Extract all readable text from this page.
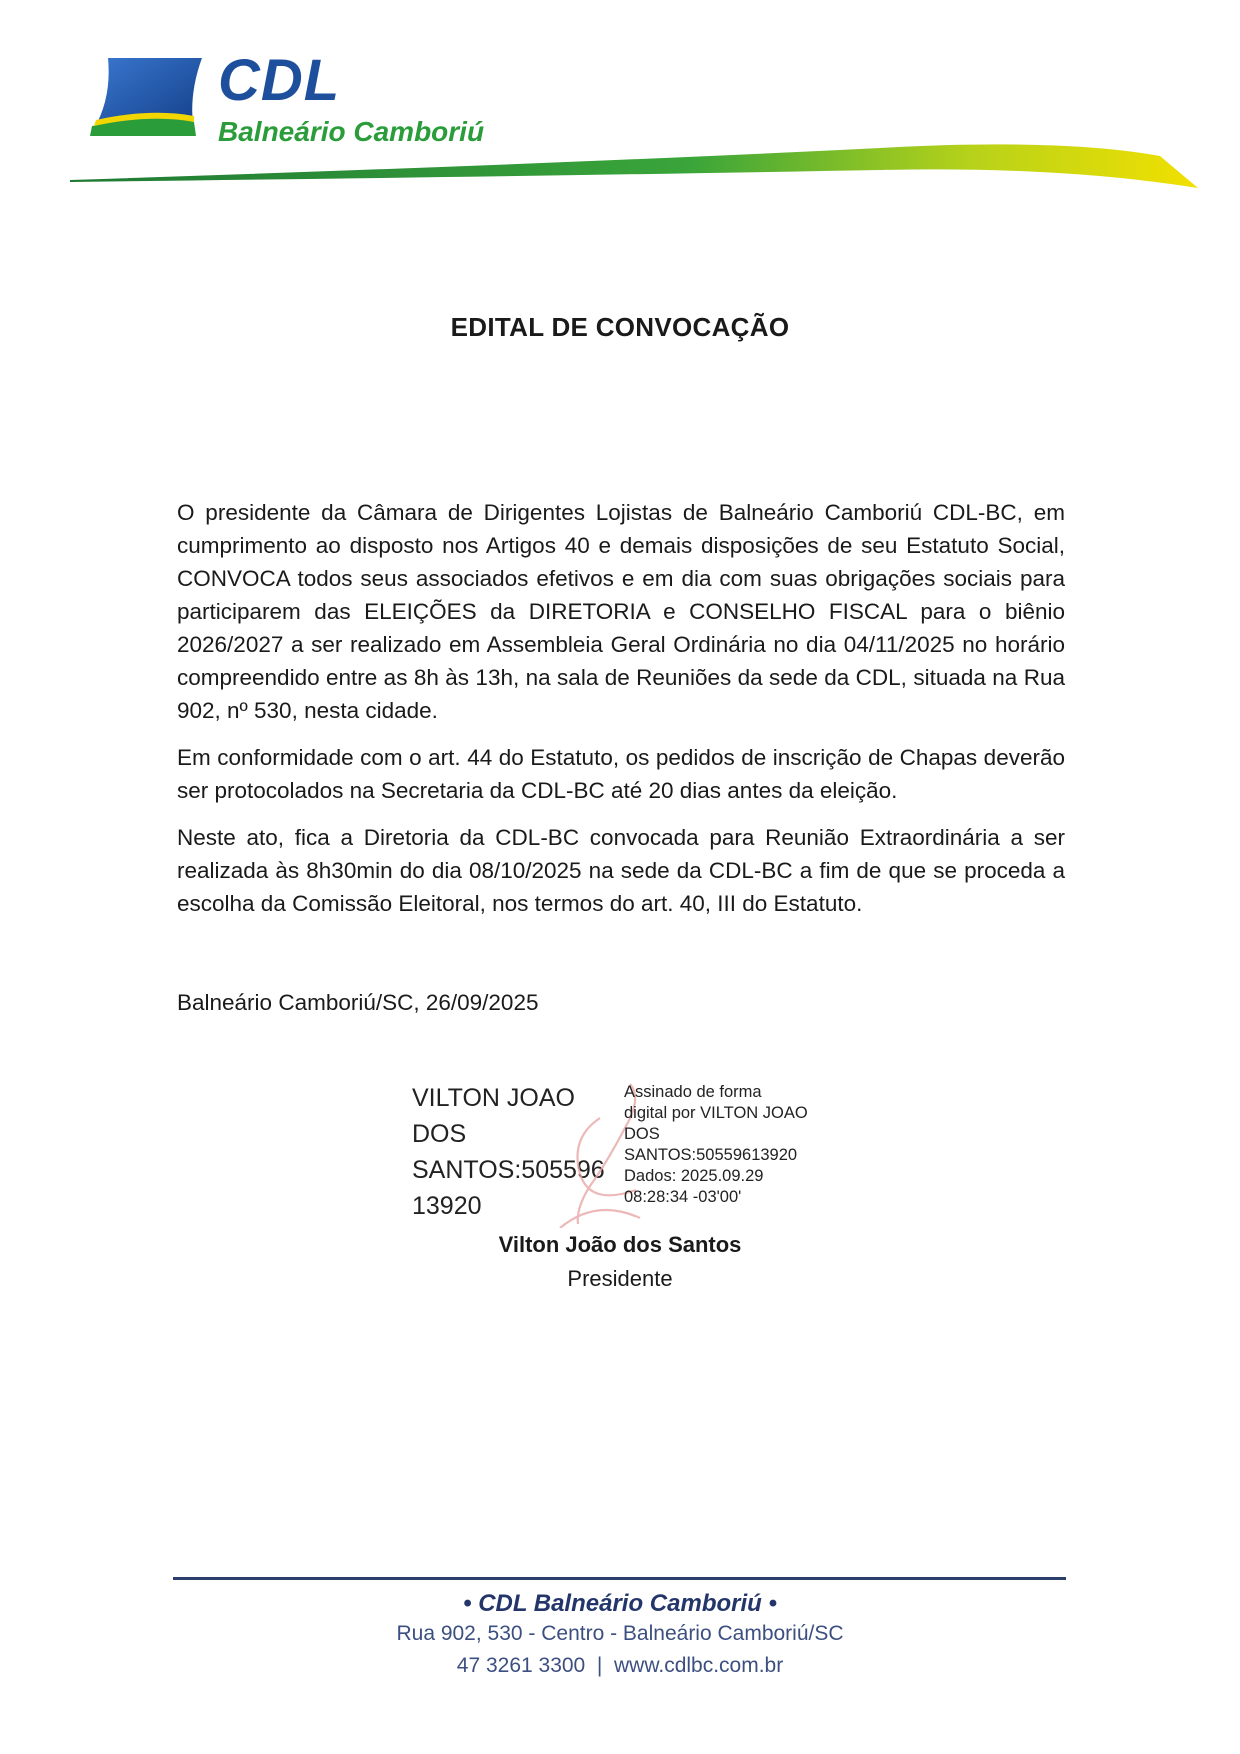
CDL
Balneário Camboriú
EDITAL DE CONVOCAÇÃO

O presidente da Câmara de Dirigentes Lojistas de Balneário Camboriú CDL-BC, em cumprimento ao disposto nos Artigos 40 e demais disposições de seu Estatuto Social, CONVOCA todos seus associados efetivos e em dia com suas obrigações sociais para participarem das ELEIÇÕES da DIRETORIA e CONSELHO FISCAL para o biênio 2026/2027 a ser realizado em Assembleia Geral Ordinária no dia 04/11/2025 no horário compreendido entre as 8h às 13h, na sala de Reuniões da sede da CDL, situada na Rua 902, nº 530, nesta cidade.

Em conformidade com o art. 44 do Estatuto, os pedidos de inscrição de Chapas deverão ser protocolados na Secretaria da CDL-BC até 20 dias antes da eleição.

Neste ato, fica a Diretoria da CDL-BC convocada para Reunião Extraordinária a ser realizada às 8h30min do dia 08/10/2025 na sede da CDL-BC a fim de que se proceda a escolha da Comissão Eleitoral, nos termos do art. 40, III do Estatuto.

Balneário Camboriú/SC, 26/09/2025
VILTON JOAO
DOS
SANTOS:505596
13920
Assinado de forma
digital por VILTON JOAO
DOS
SANTOS:50559613920
Dados: 2025.09.29
08:28:34 -03'00'
Vilton João dos Santos
Presidente
• CDL Balneário Camboriú •
Rua 902, 530 - Centro - Balneário Camboriú/SC
47 3261 3300  |  www.cdlbc.com.br
